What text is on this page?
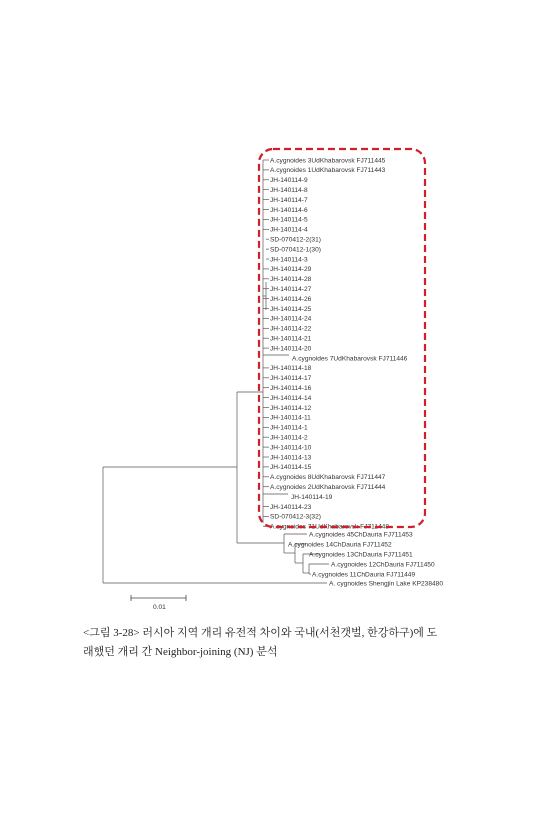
A.cygnoides 3UdKhabarovsk FJ711445
A.cygnoides 1UdKhabarovsk FJ711443
JH-140114-9
JH-140114-8
JH-140114-7
JH-140114-6
JH-140114-5
JH-140114-4
SD-070412-2(31)
SD-070412-1(30)
JH-140114-3
JH-140114-29
JH-140114-28
JH-140114-27
JH-140114-26
JH-140114-25
JH-140114-24
JH-140114-22
JH-140114-21
JH-140114-20
A.cygnoides 7UdKhabarovsk FJ711446
JH-140114-18
JH-140114-17
JH-140114-16
JH-140114-14
JH-140114-12
JH-140114-11
JH-140114-1
JH-140114-2
JH-140114-10
JH-140114-13
JH-140114-15
A.cygnoides 8UdKhabarovsk FJ711447
A.cygnoides 2UdKhabarovsk FJ711444
JH-140114-19
JH-140114-23
SD-070412-3(32)
A.cygnoides 71UdKhabarovsk FJ711448
A.cygnoides 45ChDauria FJ711453
A.cygnoides 14ChDauria FJ711452
A.cygnoides 13ChDauria FJ711451
A.cygnoides 12ChDauria FJ711450
A.cygnoides 11ChDauria FJ711449
A. cygnoides Shengjin Lake KP238480
0.01
<그림 3-28> 러시아 지역 개리 유전적 차이와 국내(서천갯벌, 한강하구)에 도
래했던 개리 간 Neighbor-joining (NJ) 분석
